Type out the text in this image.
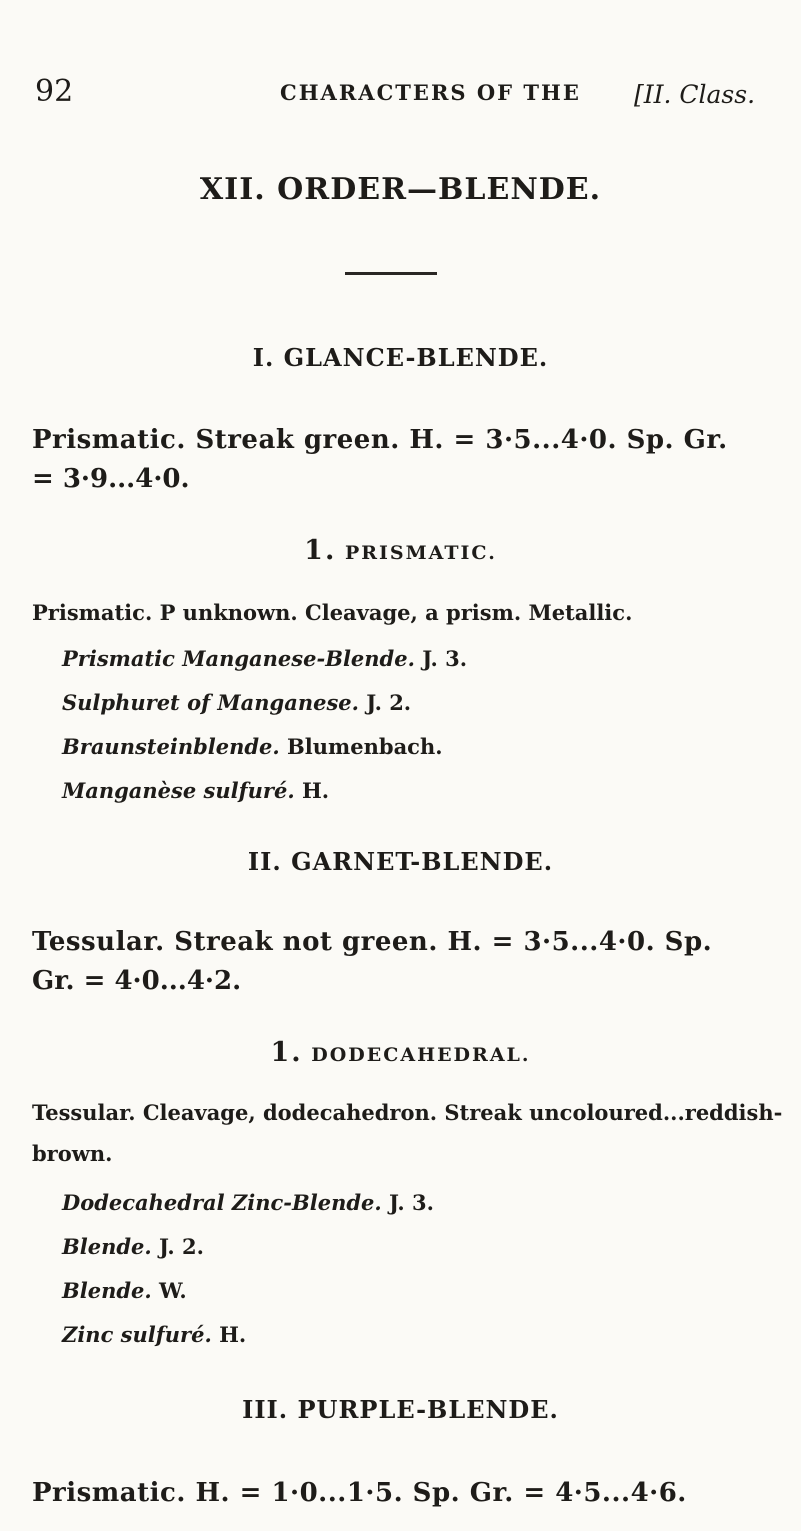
92	CHARACTERS OF THE [II. Class.
XII. ORDER—BLENDE.
I. GLANCE-BLENDE.
Prismatic. Streak green. H. = 3·5...4·0. Sp. Gr.
= 3·9...4·0.
1. PRISMATIC.
Prismatic. P unknown. Cleavage, a prism. Metallic.
Prismatic Manganese-Blende. J. 3.
Sulphuret of Manganese. J. 2.
Braunsteinblende. Blumenbach.
Manganèse sulfuré. H.
II. GARNET-BLENDE.
Tessular. Streak not green. H. = 3·5...4·0. Sp.
Gr. = 4·0...4·2.
1. DODECAHEDRAL.
Tessular. Cleavage, dodecahedron. Streak uncoloured...reddish-
brown.
Dodecahedral Zinc-Blende. J. 3.
Blende. J. 2.
Blende. W.
Zinc sulfuré. H.
III. PURPLE-BLENDE.
Prismatic. H. = 1·0...1·5. Sp. Gr. = 4·5...4·6.
